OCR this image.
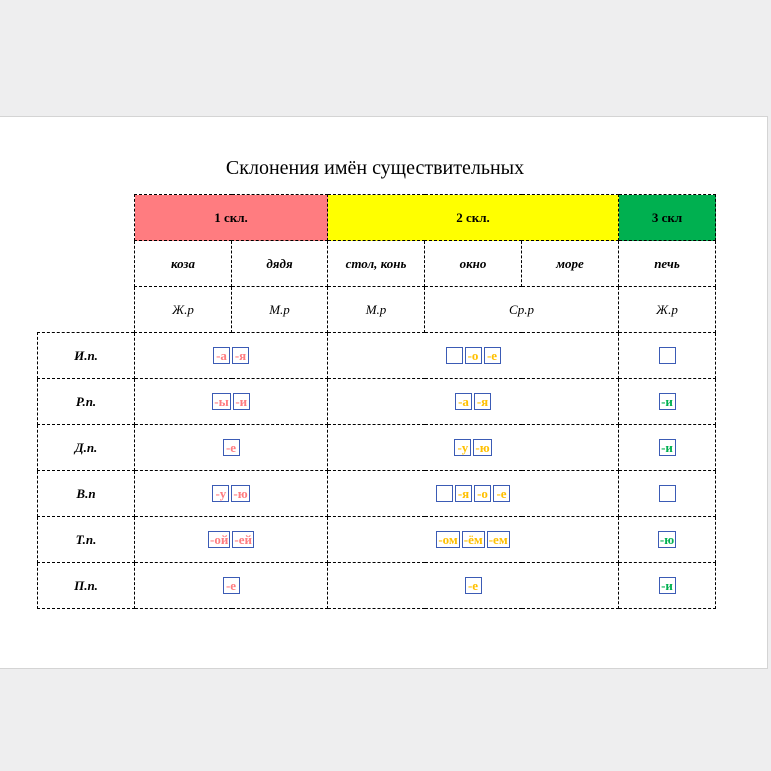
Склонения имён существительных
	1 скл.		2 скл.			3 скл
	коза	дядя	стол, конь	окно	море	печь
	Ж.р	М.р	М.р	Ср.р		Ж.р
И.п.	-а -я		-о -е			
Р.п.	-ы -и		-а -я			-и
Д.п.	-е		-у -ю			-и
В.п	-у -ю		-я -о -е			
Т.п.	-ой -ей		-ом -ём -ем			-ю
П.п.	-е		-е			-и
